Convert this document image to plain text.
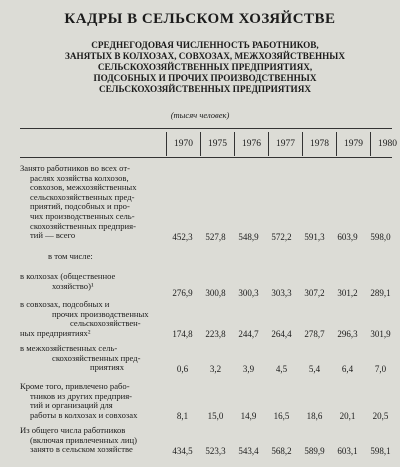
КАДРЫ В СЕЛЬСКОМ ХОЗЯЙСТВЕ
СРЕДНЕГОДОВАЯ ЧИСЛЕННОСТЬ РАБОТНИКОВ,
ЗАНЯТЫХ В КОЛХОЗАХ, СОВХОЗАХ, МЕЖХОЗЯЙСТВЕННЫХ
СЕЛЬСКОХОЗЯЙСТВЕННЫХ ПРЕДПРИЯТИЯХ,
ПОДСОБНЫХ И ПРОЧИХ ПРОИЗВОДСТВЕННЫХ
СЕЛЬСКОХОЗЯЙСТВЕННЫХ ПРЕДПРИЯТИЯХ
(тысяч человек)
1970	1975	1976	1977	1978	1979	1980
Занято работников во всех от-
раслях хозяйства колхозов,
совхозов, межхозяйственных
сельскохозяйственных пред-
приятий, подсобных и про-
чих производственных сель-
скохозяйственных предприя-
тий — всего	452,3	527,8	548,9	572,2	591,3	603,9	598,0
в том числе:
в колхозах (общественное
хозяйство)¹
276,9	300,8	300,3	303,3	307,2	301,2	289,1
в совхозах, подсобных и
прочих производственных
сельскохозяйствен-
ных предприятиях²	174,8	223,8	244,7	264,4	278,7	296,3	301,9
в межхозяйственных сель-
скохозяйственных пред-
приятиях	0,6	3,2	3,9	4,5	5,4	6,4	7,0
Кроме того, привлечено рабо-
тников из других предприя-
тий и организаций для
работы в колхозах и совхозах	8,1	15,0	14,9	16,5	18,6	20,1	20,5
Из общего числа работников
(включая привлеченных лиц)
занято в сельском хозяйстве	434,5	523,3	543,4	568,2	589,9	603,1	598,1
